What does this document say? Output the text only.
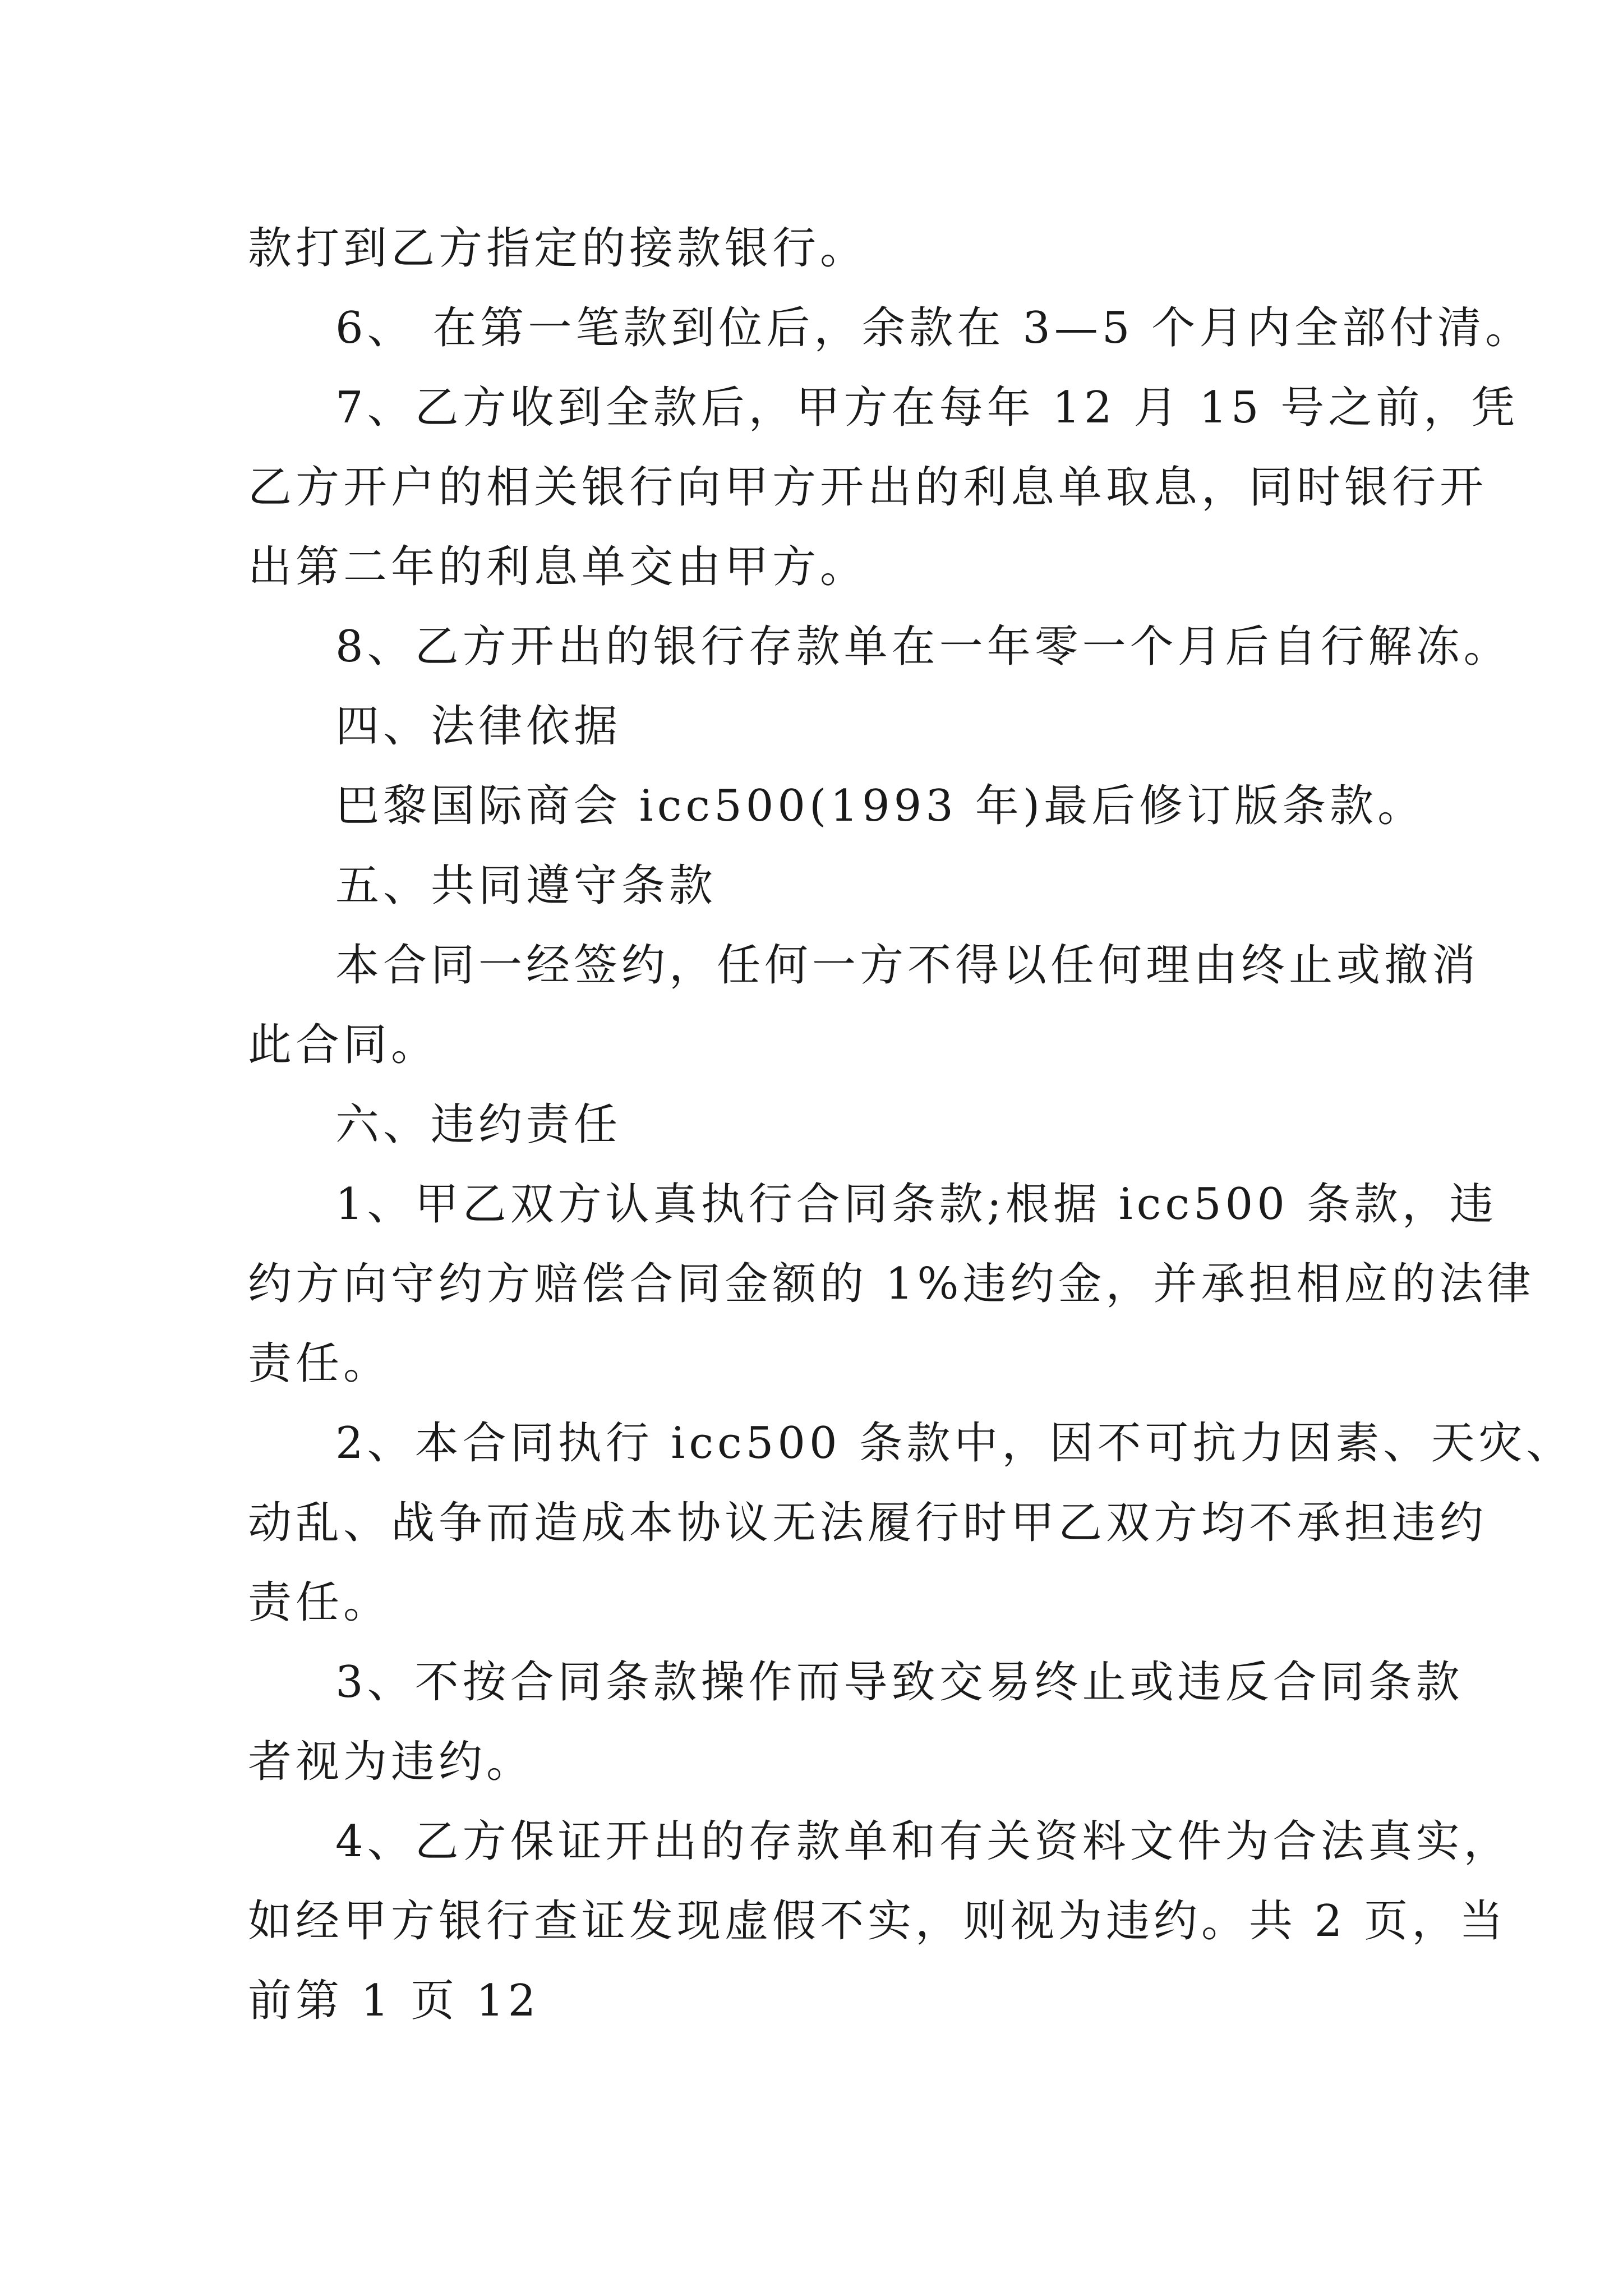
款打到乙方指定的接款银行。
6、 在第一笔款到位后，余款在 3—5 个月内全部付清。
7、乙方收到全款后，甲方在每年 12 月 15 号之前，凭
乙方开户的相关银行向甲方开出的利息单取息，同时银行开
出第二年的利息单交由甲方。
8、乙方开出的银行存款单在一年零一个月后自行解冻。
四、法律依据
巴黎国际商会 icc500(1993 年)最后修订版条款。
五、共同遵守条款
本合同一经签约，任何一方不得以任何理由终止或撤消
此合同。
六、违约责任
1、甲乙双方认真执行合同条款;根据 icc500 条款，违
约方向守约方赔偿合同金额的 1%违约金，并承担相应的法律
责任。
2、本合同执行 icc500 条款中，因不可抗力因素、天灾、
动乱、战争而造成本协议无法履行时甲乙双方均不承担违约
责任。
3、不按合同条款操作而导致交易终止或违反合同条款
者视为违约。
4、乙方保证开出的存款单和有关资料文件为合法真实，
如经甲方银行查证发现虚假不实，则视为违约。共 2 页，当
前第 1 页 12
